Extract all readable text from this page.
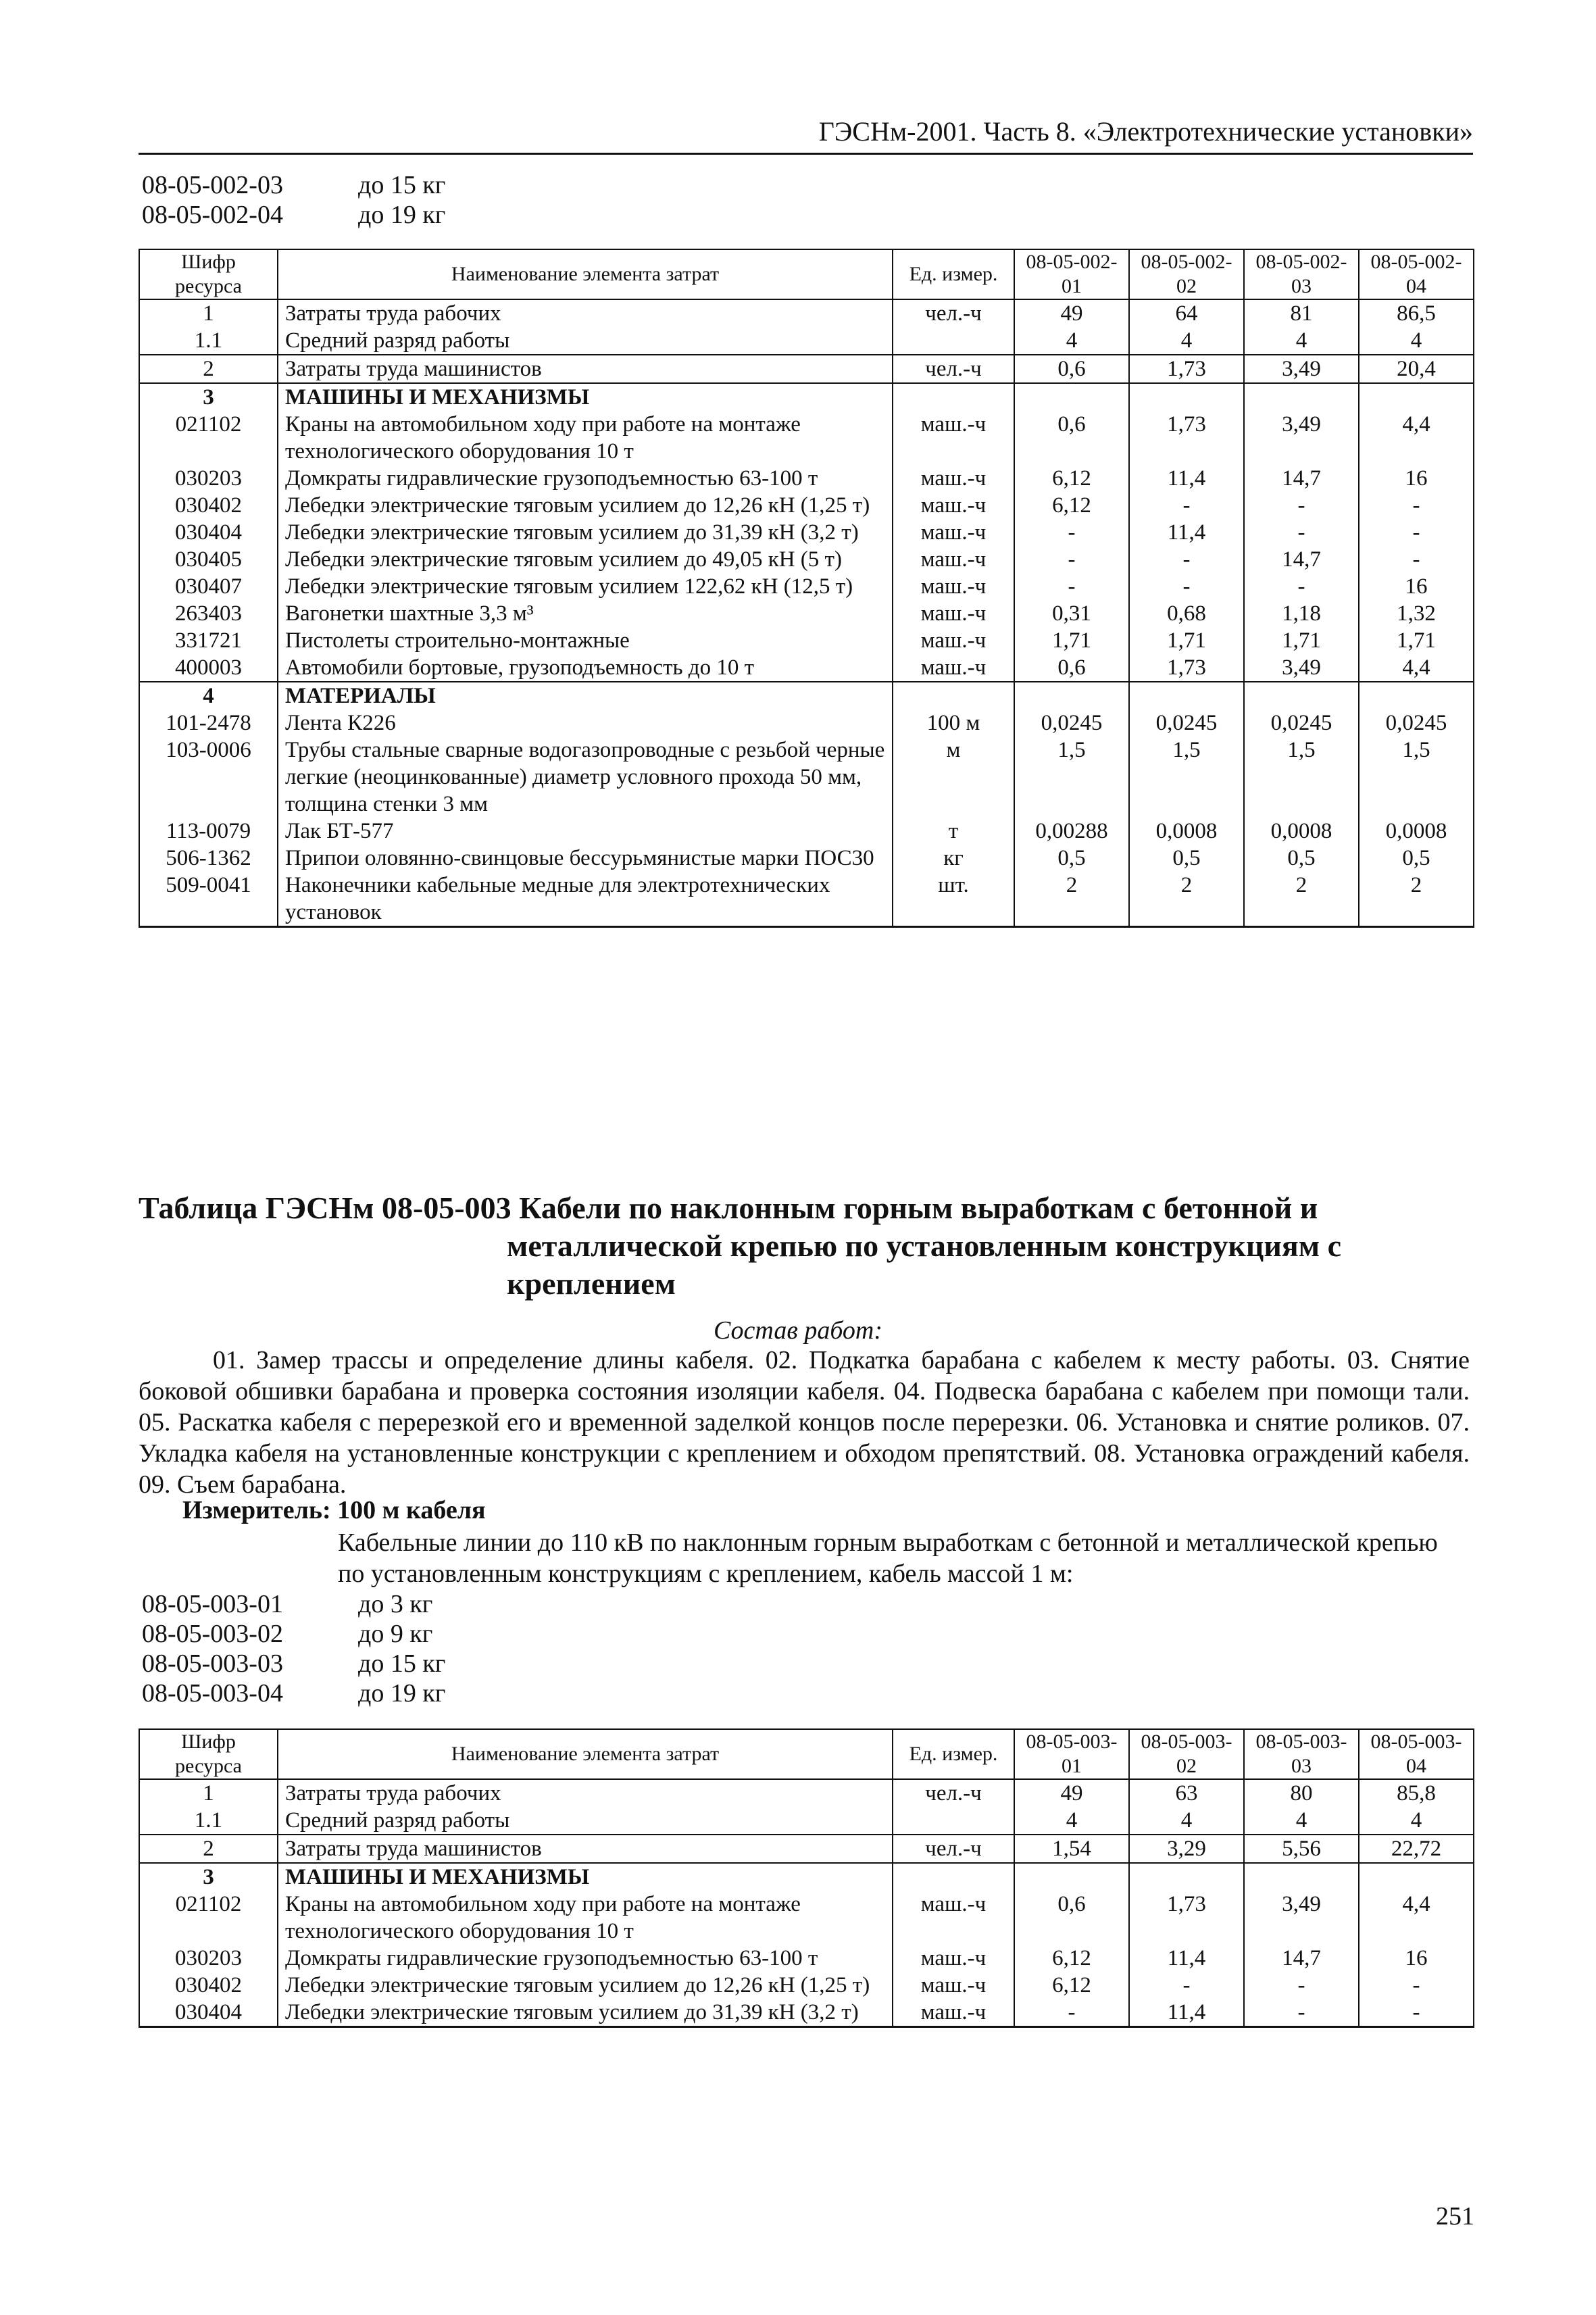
ГЭСНм-2001. Часть 8. «Электротехнические установки»
08-05-002-03	до 15 кг
08-05-002-04	до 19 кг
Шифр ресурса	Наименование элемента затрат	Ед. измер.	08-05-002-01	08-05-002-02	08-05-002-03	08-05-002-04
1	Затраты труда рабочих	чел.-ч	49	64	81	86,5
1.1	Средний разряд работы		4	4	4	4
2	Затраты труда машинистов	чел.-ч	0,6	1,73	3,49	20,4
3	МАШИНЫ И МЕХАНИЗМЫ					
021102	Краны на автомобильном ходу при работе на монтаже технологического оборудования 10 т	маш.-ч	0,6	1,73	3,49	4,4
030203	Домкраты гидравлические грузоподъемностью 63-100 т	маш.-ч	6,12	11,4	14,7	16
030402	Лебедки электрические тяговым усилием до 12,26 кН (1,25 т)	маш.-ч	6,12	-	-	-
030404	Лебедки электрические тяговым усилием до 31,39 кН (3,2 т)	маш.-ч	-	11,4	-	-
030405	Лебедки электрические тяговым усилием до 49,05 кН (5 т)	маш.-ч	-	-	14,7	-
030407	Лебедки электрические тяговым усилием 122,62 кН (12,5 т)	маш.-ч	-	-	-	16
263403	Вагонетки шахтные 3,3 м³	маш.-ч	0,31	0,68	1,18	1,32
331721	Пистолеты строительно-монтажные	маш.-ч	1,71	1,71	1,71	1,71
400003	Автомобили бортовые, грузоподъемность до 10 т	маш.-ч	0,6	1,73	3,49	4,4
4	МАТЕРИАЛЫ					
101-2478	Лента К226	100 м	0,0245	0,0245	0,0245	0,0245
103-0006	Трубы стальные сварные водогазопроводные с резьбой черные легкие (неоцинкованные) диаметр условного прохода 50 мм, толщина стенки 3 мм	м	1,5	1,5	1,5	1,5
113-0079	Лак БТ-577	т	0,00288	0,0008	0,0008	0,0008
506-1362	Припои оловянно-свинцовые бессурьмянистые марки ПОС30	кг	0,5	0,5	0,5	0,5
509-0041	Наконечники кабельные медные для электротехнических установок	шт.	2	2	2	2
Таблица ГЭСНм 08-05-003 Кабели по наклонным горным выработкам с бетонной и
металлической крепью по установленным конструкциям с креплением
Состав работ:
01. Замер трассы и определение длины кабеля. 02. Подкатка барабана с кабелем к месту работы. 03. Снятие боковой обшивки барабана и проверка состояния изоляции кабеля. 04. Подвеска барабана с кабелем при помощи тали. 05. Раскатка кабеля с перерезкой его и временной заделкой концов после перерезки. 06. Установка и снятие роликов. 07. Укладка кабеля на установленные конструкции с креплением и обходом препятствий. 08. Установка ограждений кабеля. 09. Съем барабана.
Измеритель: 100 м кабеля
Кабельные линии до 110 кВ по наклонным горным выработкам с бетонной и металлической крепью по установленным конструкциям с креплением, кабель массой 1 м:
08-05-003-01	до 3 кг
08-05-003-02	до 9 кг
08-05-003-03	до 15 кг
08-05-003-04	до 19 кг
Шифр ресурса	Наименование элемента затрат	Ед. измер.	08-05-003-01	08-05-003-02	08-05-003-03	08-05-003-04
1	Затраты труда рабочих	чел.-ч	49	63	80	85,8
1.1	Средний разряд работы		4	4	4	4
2	Затраты труда машинистов	чел.-ч	1,54	3,29	5,56	22,72
3	МАШИНЫ И МЕХАНИЗМЫ					
021102	Краны на автомобильном ходу при работе на монтаже технологического оборудования 10 т	маш.-ч	0,6	1,73	3,49	4,4
030203	Домкраты гидравлические грузоподъемностью 63-100 т	маш.-ч	6,12	11,4	14,7	16
030402	Лебедки электрические тяговым усилием до 12,26 кН (1,25 т)	маш.-ч	6,12	-	-	-
030404	Лебедки электрические тяговым усилием до 31,39 кН (3,2 т)	маш.-ч	-	11,4	-	-
251
